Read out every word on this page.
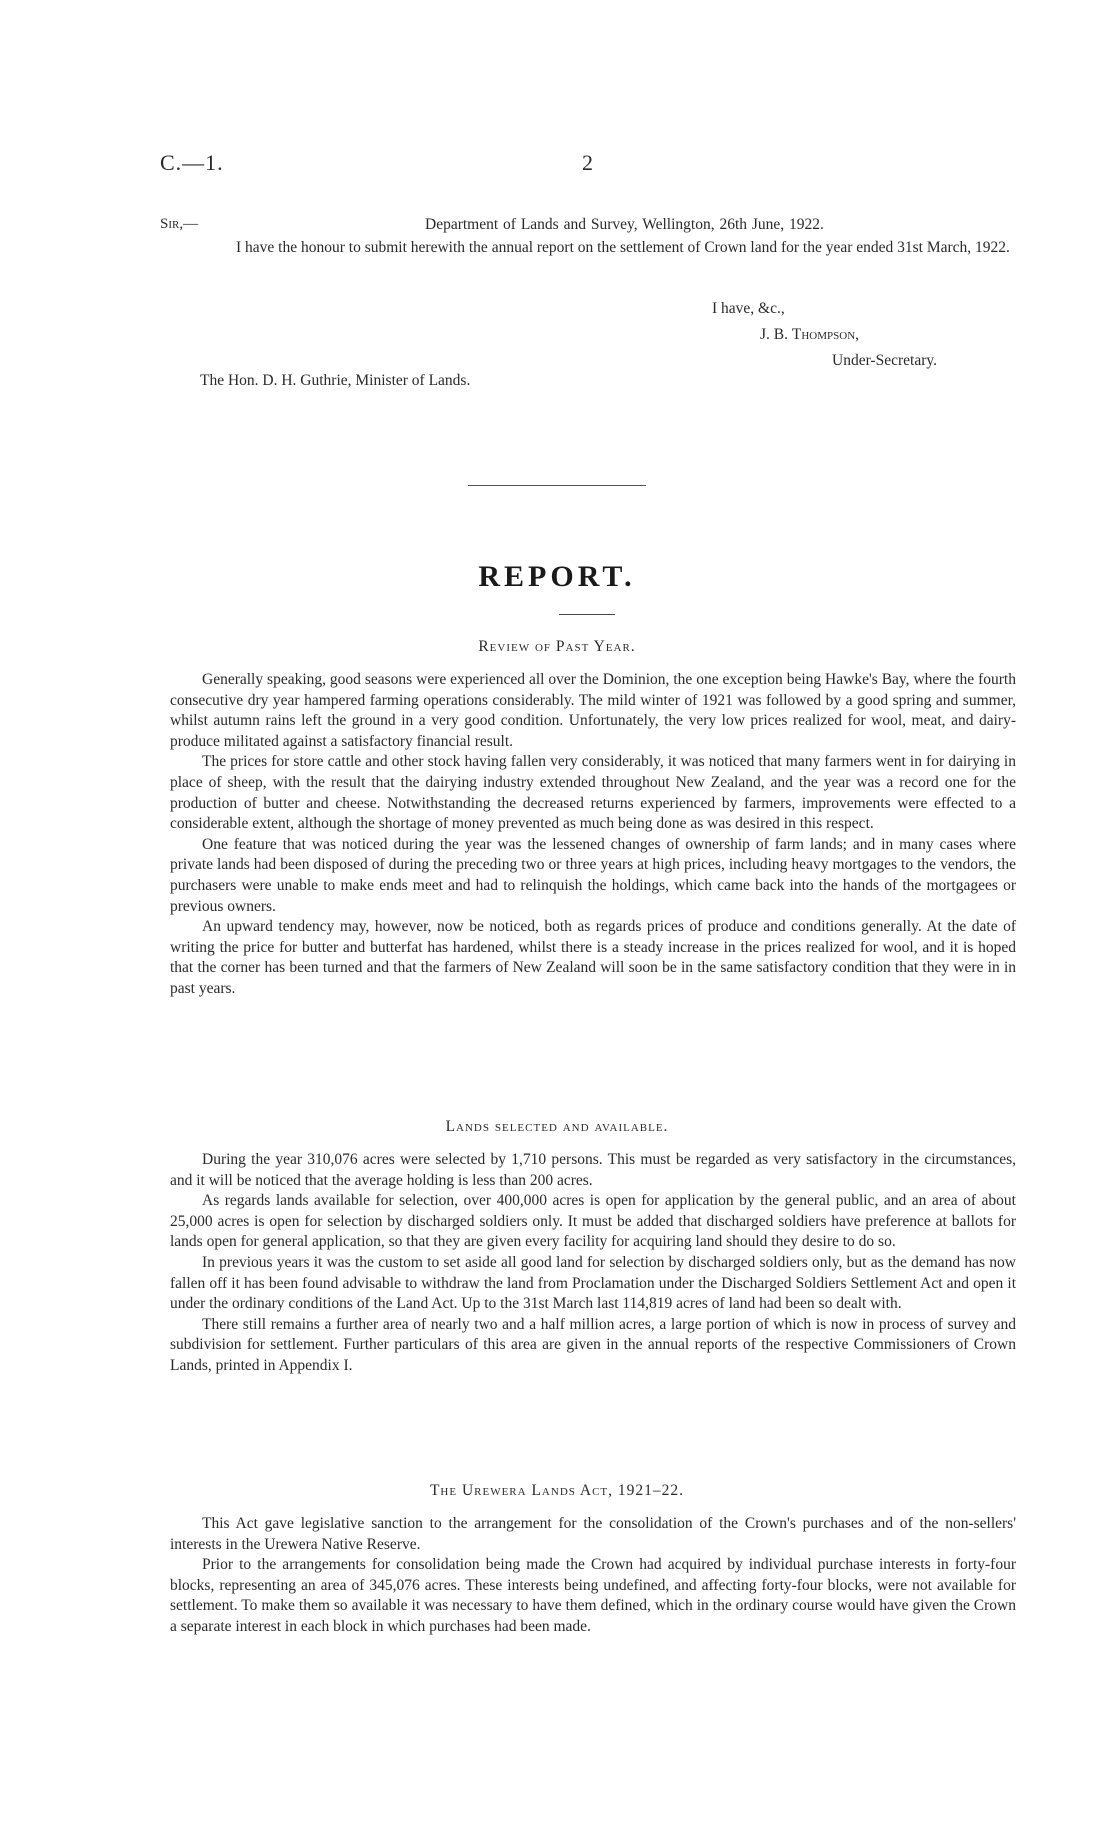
C.—1.	2
Sir,—	Department of Lands and Survey, Wellington, 26th June, 1922.
I have the honour to submit herewith the annual report on the settlement of Crown land for the year ended 31st March, 1922.
I have, &c.,
J. B. Thompson,
Under-Secretary.
The Hon. D. H. Guthrie, Minister of Lands.
REPORT.
Review of Past Year.

Generally speaking, good seasons were experienced all over the Dominion, the one exception being Hawke's Bay, where the fourth consecutive dry year hampered farming operations considerably. The mild winter of 1921 was followed by a good spring and summer, whilst autumn rains left the ground in a very good condition. Unfortunately, the very low prices realized for wool, meat, and dairy-produce militated against a satisfactory financial result.

The prices for store cattle and other stock having fallen very considerably, it was noticed that many farmers went in for dairying in place of sheep, with the result that the dairying industry extended throughout New Zealand, and the year was a record one for the production of butter and cheese. Notwithstanding the decreased returns experienced by farmers, improvements were effected to a considerable extent, although the shortage of money prevented as much being done as was desired in this respect.

One feature that was noticed during the year was the lessened changes of ownership of farm lands; and in many cases where private lands had been disposed of during the preceding two or three years at high prices, including heavy mortgages to the vendors, the purchasers were unable to make ends meet and had to relinquish the holdings, which came back into the hands of the mortgagees or previous owners.

An upward tendency may, however, now be noticed, both as regards prices of produce and conditions generally. At the date of writing the price for butter and butterfat has hardened, whilst there is a steady increase in the prices realized for wool, and it is hoped that the corner has been turned and that the farmers of New Zealand will soon be in the same satisfactory condition that they were in in past years.

Lands selected and available.

During the year 310,076 acres were selected by 1,710 persons. This must be regarded as very satisfactory in the circumstances, and it will be noticed that the average holding is less than 200 acres.

As regards lands available for selection, over 400,000 acres is open for application by the general public, and an area of about 25,000 acres is open for selection by discharged soldiers only. It must be added that discharged soldiers have preference at ballots for lands open for general application, so that they are given every facility for acquiring land should they desire to do so.

In previous years it was the custom to set aside all good land for selection by discharged soldiers only, but as the demand has now fallen off it has been found advisable to withdraw the land from Proclamation under the Discharged Soldiers Settlement Act and open it under the ordinary conditions of the Land Act. Up to the 31st March last 114,819 acres of land had been so dealt with.

There still remains a further area of nearly two and a half million acres, a large portion of which is now in process of survey and subdivision for settlement. Further particulars of this area are given in the annual reports of the respective Commissioners of Crown Lands, printed in Appendix I.

The Urewera Lands Act, 1921–22.

This Act gave legislative sanction to the arrangement for the consolidation of the Crown's purchases and of the non-sellers' interests in the Urewera Native Reserve.

Prior to the arrangements for consolidation being made the Crown had acquired by individual purchase interests in forty-four blocks, representing an area of 345,076 acres. These interests being undefined, and affecting forty-four blocks, were not available for settlement. To make them so available it was necessary to have them defined, which in the ordinary course would have given the Crown a separate interest in each block in which purchases had been made.
